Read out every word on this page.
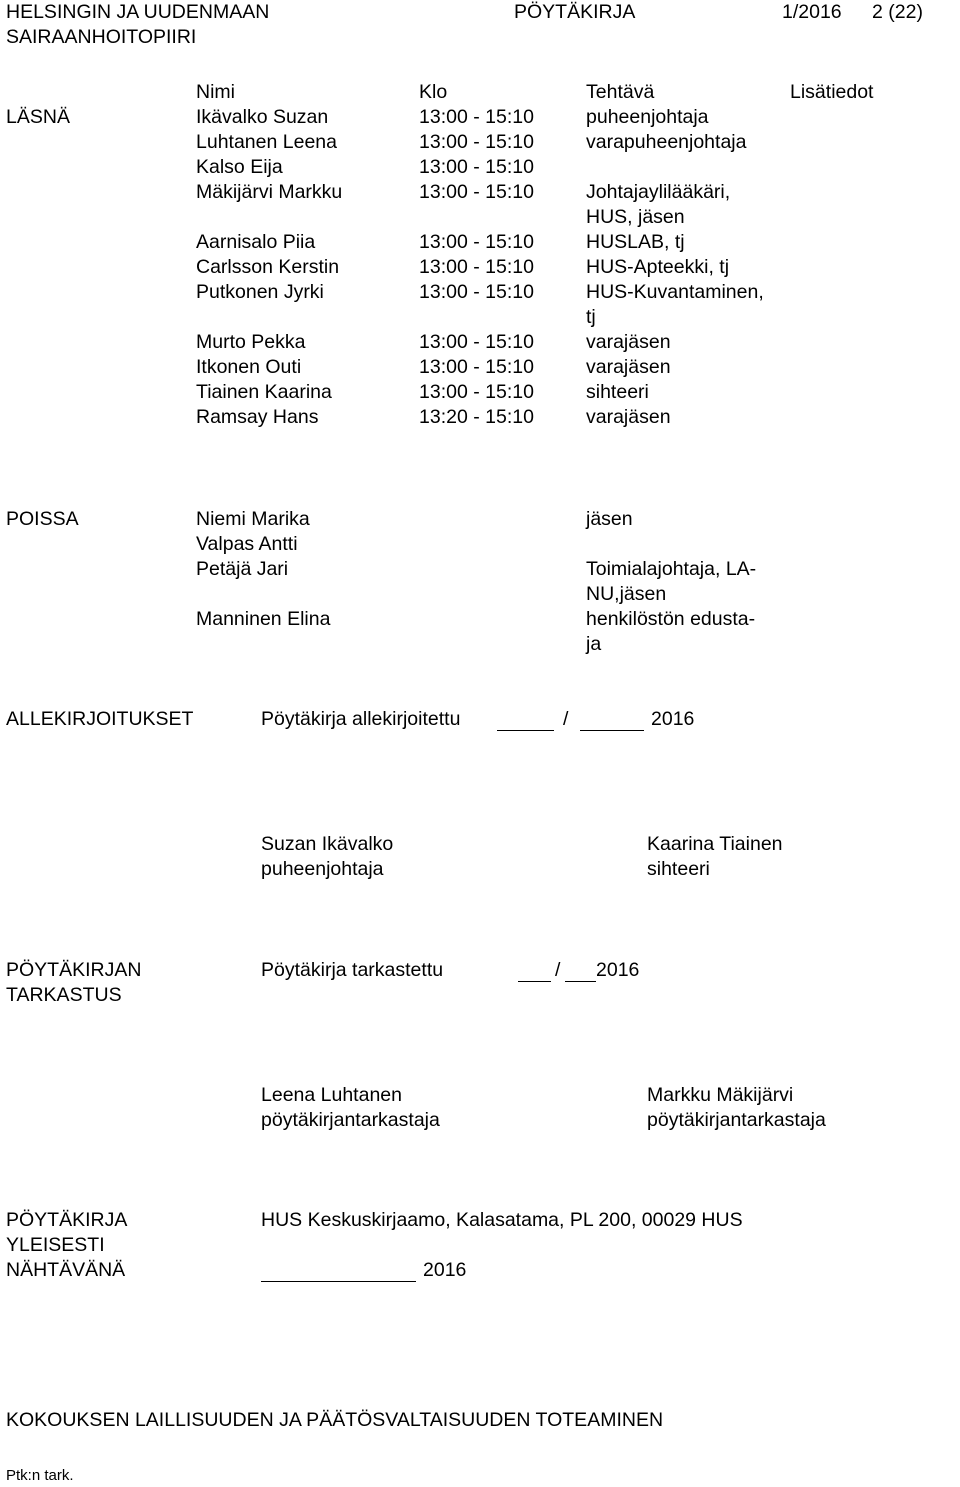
HELSINGIN JA UUDENMAAN
SAIRAANHOITOPIIRI
PÖYTÄKIRJA	1/2016 2 (22)
Nimi	Klo	Tehtävä	Lisätiedot
LÄSNÄ	Ikävalko Suzan	13:00 - 15:10	puheenjohtaja
Luhtanen Leena	13:00 - 15:10	varapuheenjohtaja
Kalso Eija	13:00 - 15:10
Mäkijärvi Markku	13:00 - 15:10	Johtajaylilääkäri,
HUS, jäsen
Aarnisalo Piia	13:00 - 15:10	HUSLAB, tj
Carlsson Kerstin	13:00 - 15:10	HUS-Apteekki, tj
Putkonen Jyrki	13:00 - 15:10	HUS-Kuvantaminen,
tj
Murto Pekka	13:00 - 15:10	varajäsen
Itkonen Outi	13:00 - 15:10	varajäsen
Tiainen Kaarina	13:00 - 15:10	sihteeri
Ramsay Hans	13:20 - 15:10	varajäsen
POISSA	Niemi Marika	jäsen
Valpas Antti
Petäjä Jari	Toimialajohtaja, LA-
NU,jäsen
Manninen Elina	henkilöstön edusta-
ja
ALLEKIRJOITUKSET	Pöytäkirja allekirjoitettu	/	2016
Suzan Ikävalko
puheenjohtaja
Kaarina Tiainen
sihteeri
PÖYTÄKIRJAN
TARKASTUS
Pöytäkirja tarkastettu	/ 2016
Leena Luhtanen
pöytäkirjantarkastaja
Markku Mäkijärvi
pöytäkirjantarkastaja
PÖYTÄKIRJA
YLEISESTI
NÄHTÄVÄNÄ
HUS Keskuskirjaamo, Kalasatama, PL 200, 00029 HUS
2016
KOKOUKSEN LAILLISUUDEN JA PÄÄTÖSVALTAISUUDEN TOTEAMINEN
Ptk:n tark.
